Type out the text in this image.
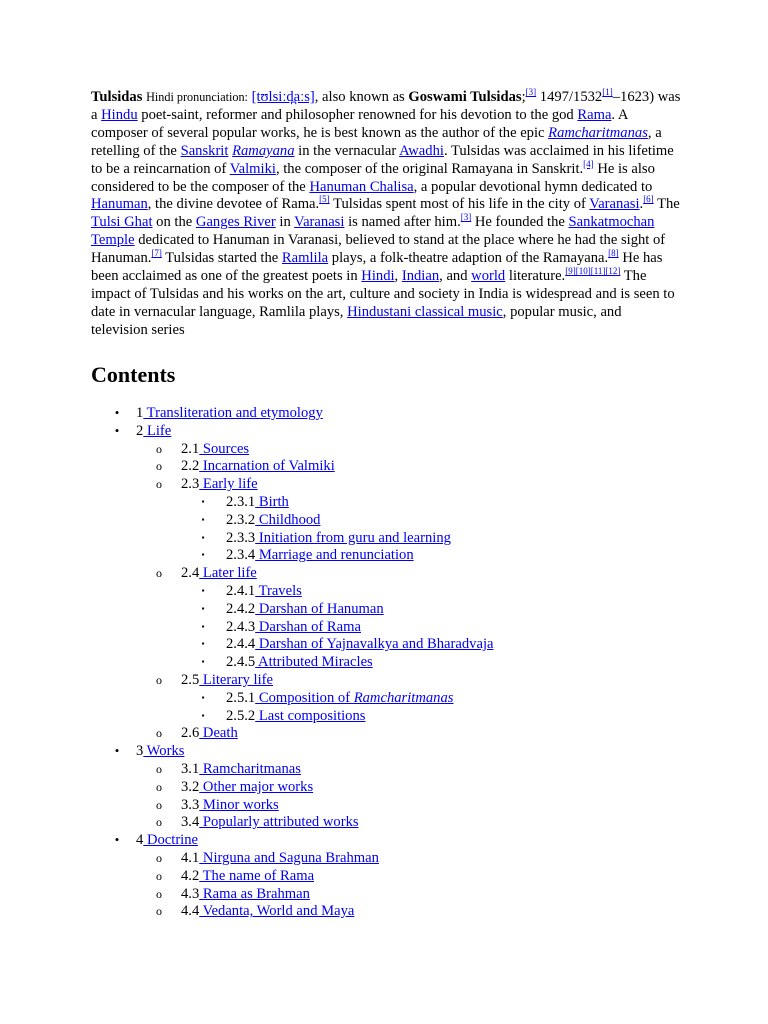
Tulsidas Hindi pronunciation: [tʊlsiːd̪aːs], also known as Goswami Tulsidas;[3] 1497/1532[1]–1623) was a Hindu poet-saint, reformer and philosopher renowned for his devotion to the god Rama. A composer of several popular works, he is best known as the author of the epic Ramcharitmanas, a retelling of the Sanskrit Ramayana in the vernacular Awadhi. Tulsidas was acclaimed in his lifetime to be a reincarnation of Valmiki, the composer of the original Ramayana in Sanskrit.[4] He is also considered to be the composer of the Hanuman Chalisa, a popular devotional hymn dedicated to Hanuman, the divine devotee of Rama.[5] Tulsidas spent most of his life in the city of Varanasi.[6] The Tulsi Ghat on the Ganges River in Varanasi is named after him.[3] He founded the Sankatmochan Temple dedicated to Hanuman in Varanasi, believed to stand at the place where he had the sight of Hanuman.[7] Tulsidas started the Ramlila plays, a folk-theatre adaption of the Ramayana.[8] He has been acclaimed as one of the greatest poets in Hindi, Indian, and world literature.[9][10][11][12] The impact of Tulsidas and his works on the art, culture and society in India is widespread and is seen to date in vernacular language, Ramlila plays, Hindustani classical music, popular music, and television series

Contents
• 1 Transliteration and etymology
• 2 Life
o 2.1 Sources
o 2.2 Incarnation of Valmiki
o 2.3 Early life
▪ 2.3.1 Birth
▪ 2.3.2 Childhood
▪ 2.3.3 Initiation from guru and learning
▪ 2.3.4 Marriage and renunciation
o 2.4 Later life
▪ 2.4.1 Travels
▪ 2.4.2 Darshan of Hanuman
▪ 2.4.3 Darshan of Rama
▪ 2.4.4 Darshan of Yajnavalkya and Bharadvaja
▪ 2.4.5 Attributed Miracles
o 2.5 Literary life
▪ 2.5.1 Composition of Ramcharitmanas
▪ 2.5.2 Last compositions
o 2.6 Death
• 3 Works
o 3.1 Ramcharitmanas
o 3.2 Other major works
o 3.3 Minor works
o 3.4 Popularly attributed works
• 4 Doctrine
o 4.1 Nirguna and Saguna Brahman
o 4.2 The name of Rama
o 4.3 Rama as Brahman
o 4.4 Vedanta, World and Maya
